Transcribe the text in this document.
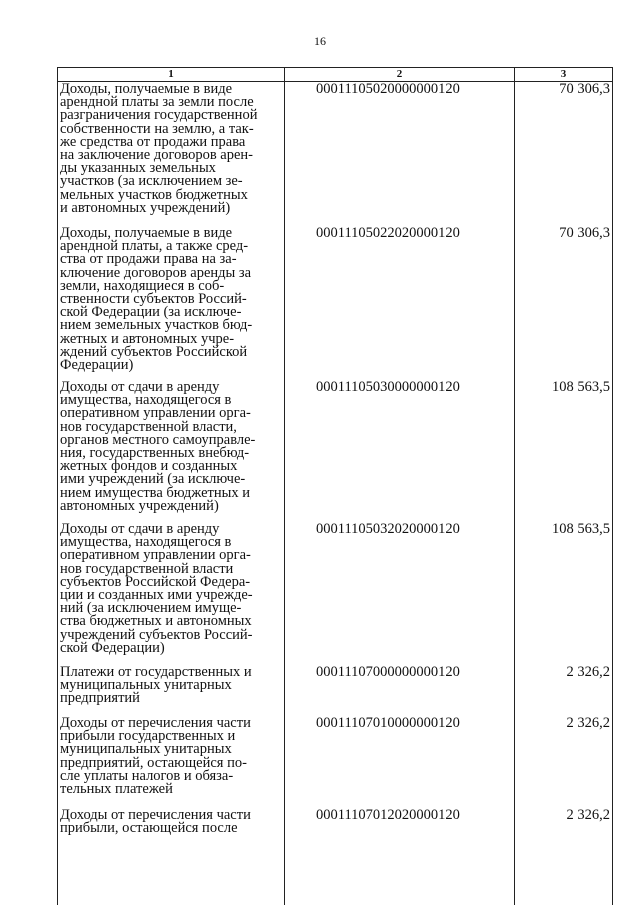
16
1	2	3
Доходы, получаемые в виде
арендной платы за земли после
разграничения государственной
собственности на землю, а так-
же средства от продажи права
на заключение договоров арен-
ды указанных земельных
участков (за исключением зе-
мельных участков бюджетных
и автономных учреждений)
00011105020000000120	70 306,3
Доходы, получаемые в виде
арендной платы, а также сред-
ства от продажи права на за-
ключение договоров аренды за
земли, находящиеся в соб-
ственности субъектов Россий-
ской Федерации (за исключе-
нием земельных участков бюд-
жетных и автономных учре-
ждений субъектов Российской
Федерации)
00011105022020000120	70 306,3
Доходы от сдачи в аренду
имущества, находящегося в
оперативном управлении орга-
нов государственной власти,
органов местного самоуправле-
ния, государственных внебюд-
жетных фондов и созданных
ими учреждений (за исключе-
нием имущества бюджетных и
автономных учреждений)
00011105030000000120	108 563,5
Доходы от сдачи в аренду
имущества, находящегося в
оперативном управлении орга-
нов государственной власти
субъектов Российской Федера-
ции и созданных ими учрежде-
ний (за исключением имуще-
ства бюджетных и автономных
учреждений субъектов Россий-
ской Федерации)
00011105032020000120	108 563,5
Платежи от государственных и
муниципальных унитарных
предприятий
00011107000000000120	2 326,2
Доходы от перечисления части
прибыли государственных и
муниципальных унитарных
предприятий, остающейся по-
сле уплаты налогов и обяза-
тельных платежей
00011107010000000120	2 326,2
Доходы от перечисления части
прибыли, остающейся после
00011107012020000120	2 326,2
